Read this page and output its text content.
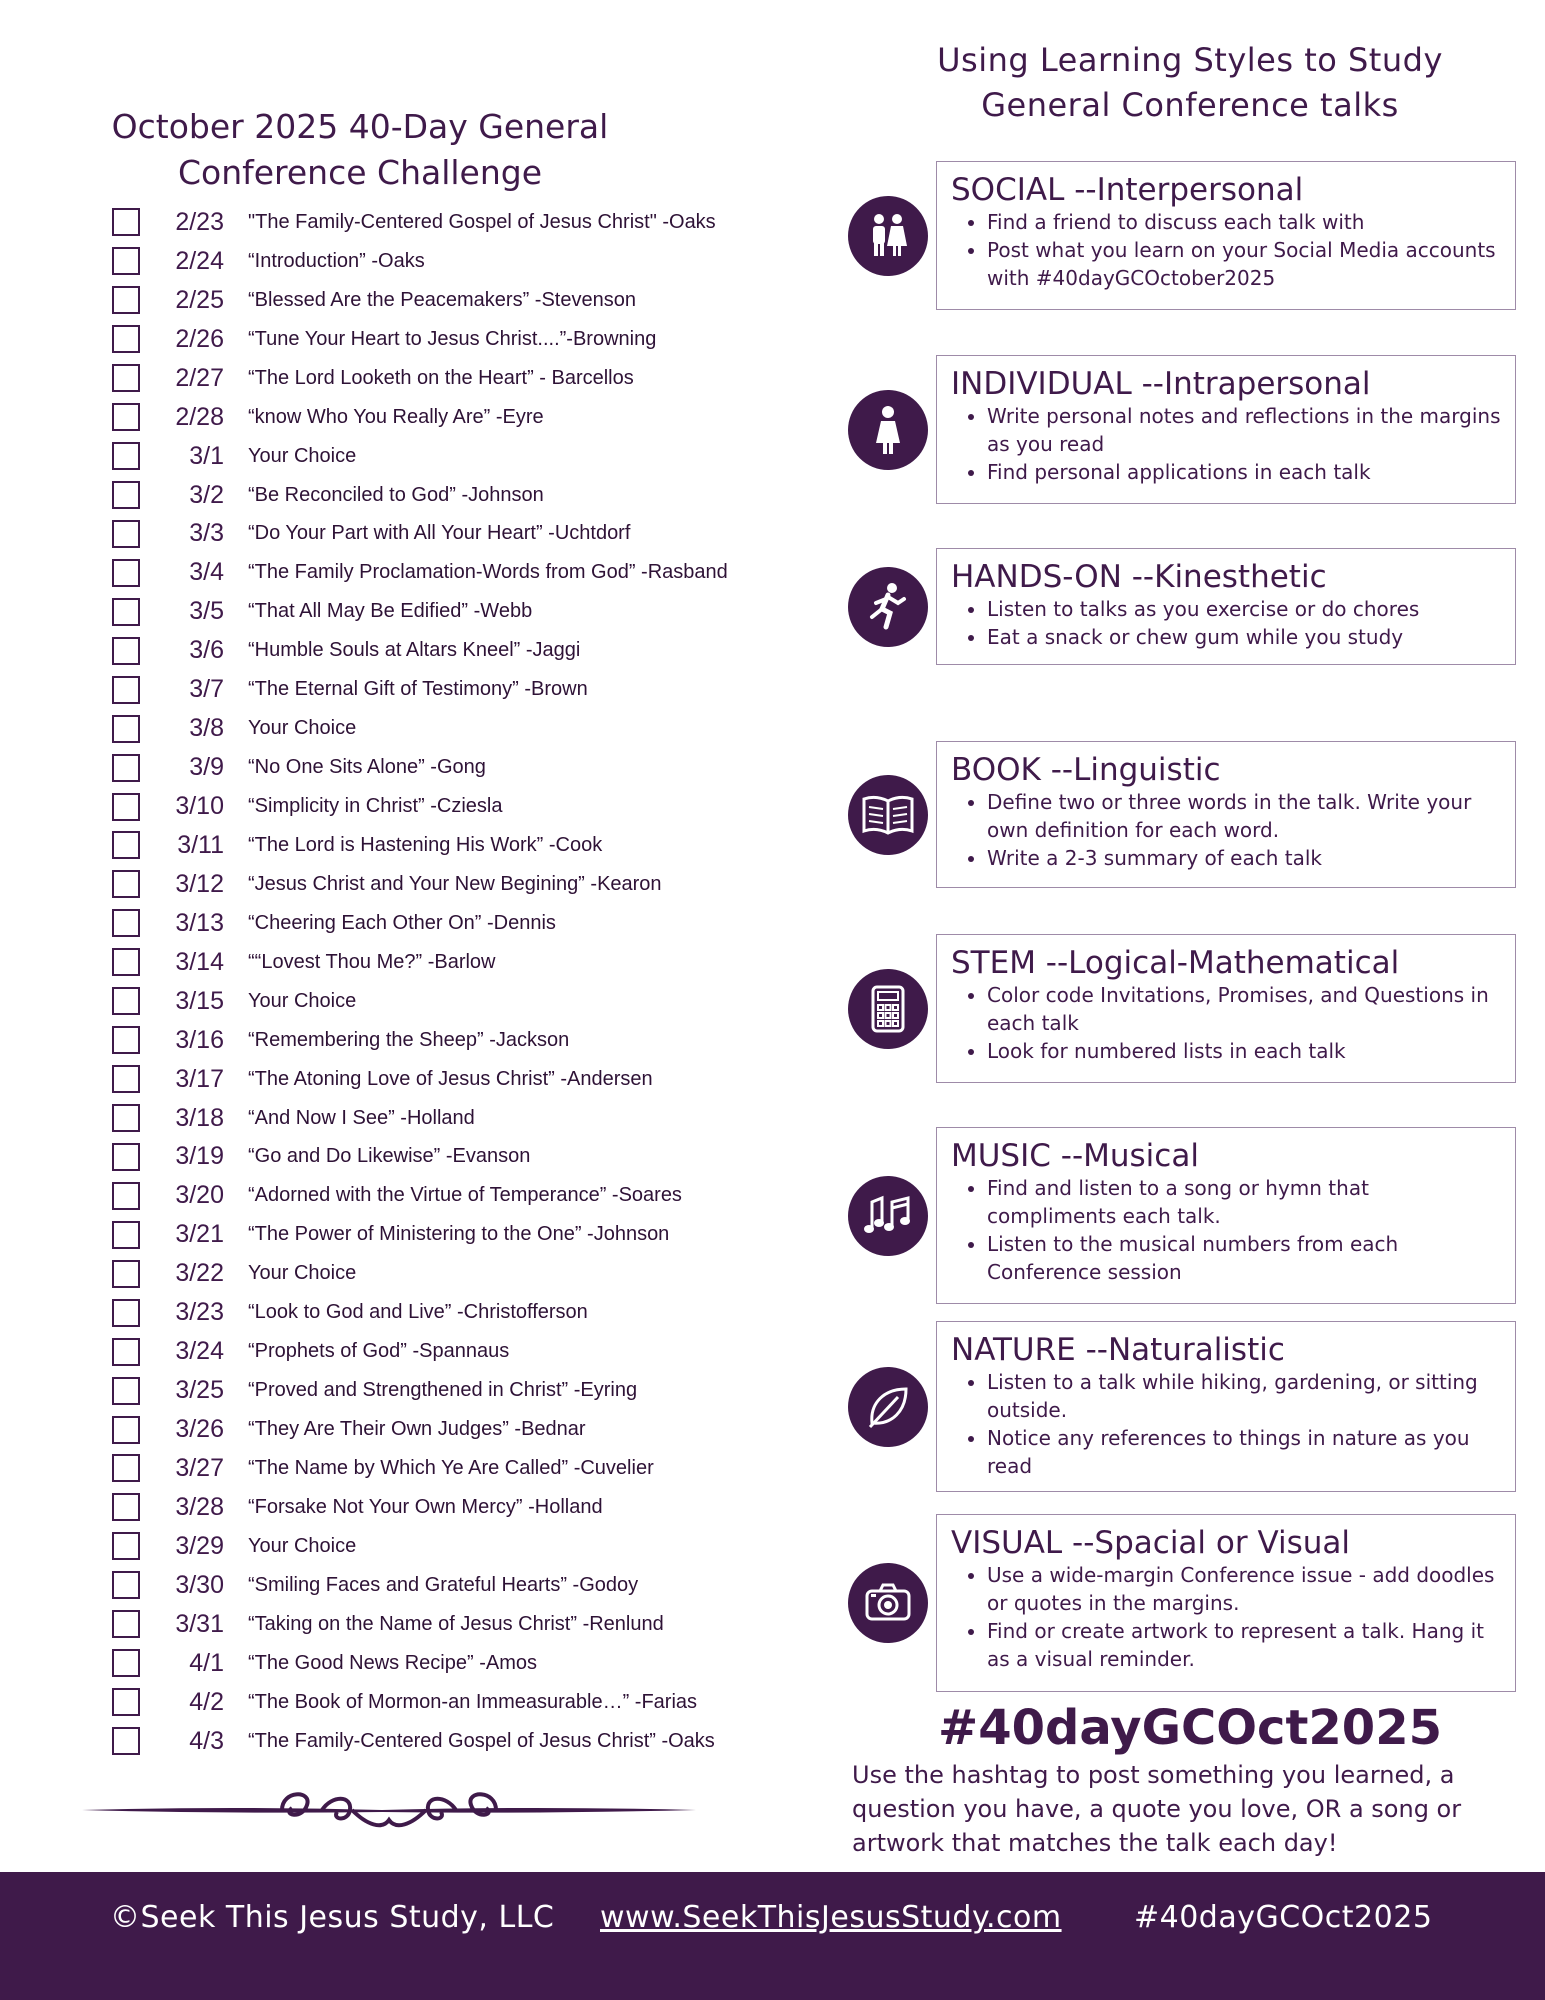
October 2025 40-Day General
Conference Challenge
2/23 "The Family-Centered Gospel of Jesus Christ" -Oaks
2/24 “Introduction” -Oaks
2/25 “Blessed Are the Peacemakers” -Stevenson
2/26 “Tune Your Heart to Jesus Christ....”-Browning
2/27 “The Lord Looketh on the Heart” - Barcellos
2/28 “know Who You Really Are” -Eyre
3/1 Your Choice
3/2 “Be Reconciled to God” -Johnson
3/3 “Do Your Part with All Your Heart” -Uchtdorf
3/4 “The Family Proclamation-Words from God” -Rasband
3/5 “That All May Be Edified” -Webb
3/6 “Humble Souls at Altars Kneel” -Jaggi
3/7 “The Eternal Gift of Testimony” -Brown
3/8 Your Choice
3/9 “No One Sits Alone” -Gong
3/10 “Simplicity in Christ” -Cziesla
3/11 “The Lord is Hastening His Work” -Cook
3/12 “Jesus Christ and Your New Begining” -Kearon
3/13 “Cheering Each Other On” -Dennis
3/14 ““Lovest Thou Me?” -Barlow
3/15 Your Choice
3/16 “Remembering the Sheep” -Jackson
3/17 “The Atoning Love of Jesus Christ” -Andersen
3/18 “And Now I See” -Holland
3/19 “Go and Do Likewise” -Evanson
3/20 “Adorned with the Virtue of Temperance” -Soares
3/21 “The Power of Ministering to the One” -Johnson
3/22 Your Choice
3/23 “Look to God and Live” -Christofferson
3/24 “Prophets of God” -Spannaus
3/25 “Proved and Strengthened in Christ” -Eyring
3/26 “They Are Their Own Judges” -Bednar
3/27 “The Name by Which Ye Are Called” -Cuvelier
3/28 “Forsake Not Your Own Mercy” -Holland
3/29 Your Choice
3/30 “Smiling Faces and Grateful Hearts” -Godoy
3/31 “Taking on the Name of Jesus Christ” -Renlund
4/1 “The Good News Recipe” -Amos
4/2 “The Book of Mormon-an Immeasurable…” -Farias
4/3 “The Family-Centered Gospel of Jesus Christ” -Oaks
Using Learning Styles to Study
General Conference talks
SOCIAL --Interpersonal
• Find a friend to discuss each talk with
• Post what you learn on your Social Media accounts with #40dayGCOctober2025
INDIVIDUAL --Intrapersonal
• Write personal notes and reflections in the margins as you read
• Find personal applications in each talk
HANDS-ON --Kinesthetic
• Listen to talks as you exercise or do chores
• Eat a snack or chew gum while you study
BOOK --Linguistic
• Define two or three words in the talk. Write your own definition for each word.
• Write a 2-3 summary of each talk
STEM --Logical-Mathematical
• Color code Invitations, Promises, and Questions in each talk
• Look for numbered lists in each talk
MUSIC --Musical
• Find and listen to a song or hymn that compliments each talk.
• Listen to the musical numbers from each Conference session
NATURE --Naturalistic
• Listen to a talk while hiking, gardening, or sitting outside.
• Notice any references to things in nature as you read
VISUAL --Spacial or Visual
• Use a wide-margin Conference issue - add doodles or quotes in the margins.
• Find or create artwork to represent a talk. Hang it as a visual reminder.
#40dayGCOct2025
Use the hashtag to post something you learned, a question you have, a quote you love, OR a song or artwork that matches the talk each day!
©Seek This Jesus Study, LLC www.SeekThisJesusStudy.com #40dayGCOct2025
